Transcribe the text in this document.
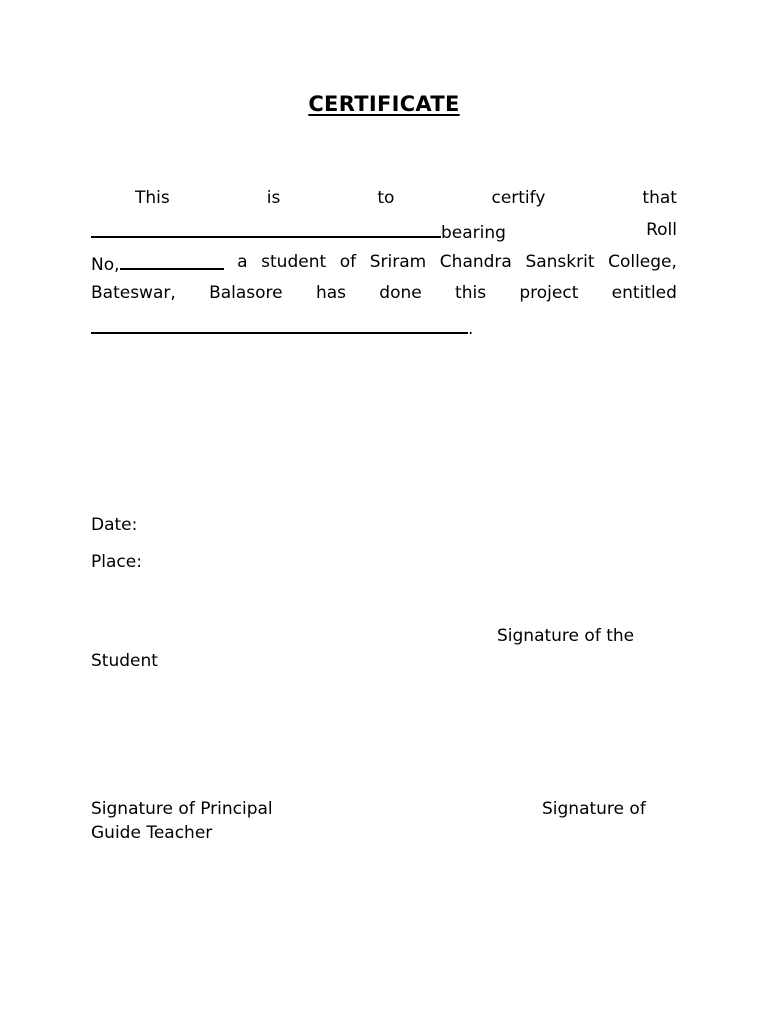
CERTIFICATE
This	is	to	certify	that
bearing	Roll
No,	a student of Sriram Chandra Sanskrit College,
Bateswar, Balasore has done this project entitled
.
Date:
Place:
Signature of the
Student
Signature of Principal	Signature of
Guide Teacher
